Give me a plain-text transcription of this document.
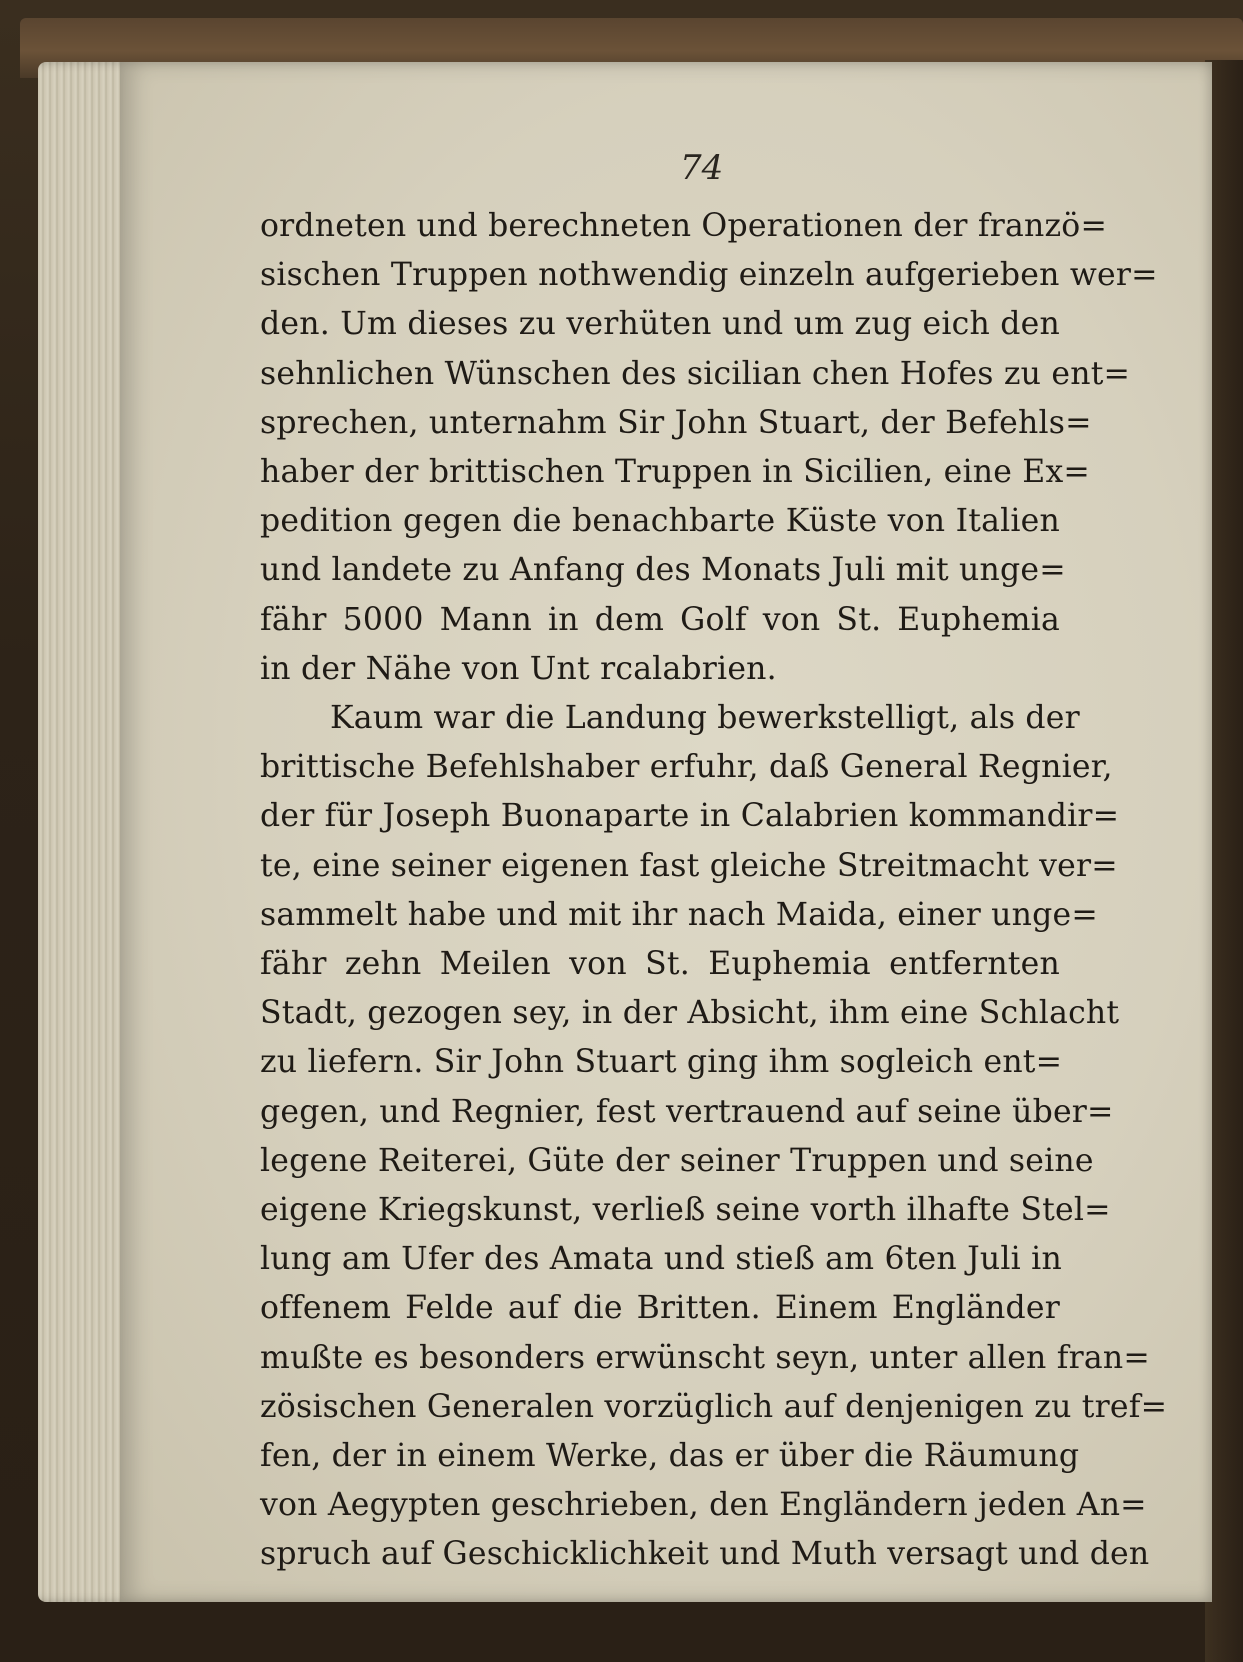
74
ordneten und berechneten Operationen der franzö=
sischen Truppen nothwendig einzeln aufgerieben wer=
den. Um dieses zu verhüten und um zug eich den
sehnlichen Wünschen des sicilian chen Hofes zu ent=
sprechen, unternahm Sir John Stuart, der Befehls=
haber der brittischen Truppen in Sicilien, eine Ex=
pedition gegen die benachbarte Küste von Italien
und landete zu Anfang des Monats Juli mit unge=
fähr 5000 Mann in dem Golf von St. Euphemia
in der Nähe von Unt rcalabrien.
Kaum war die Landung bewerkstelligt, als der
brittische Befehlshaber erfuhr, daß General Regnier,
der für Joseph Buonaparte in Calabrien kommandir=
te, eine seiner eigenen fast gleiche Streitmacht ver=
sammelt habe und mit ihr nach Maida, einer unge=
fähr zehn Meilen von St. Euphemia entfernten
Stadt, gezogen sey, in der Absicht, ihm eine Schlacht
zu liefern. Sir John Stuart ging ihm sogleich ent=
gegen, und Regnier, fest vertrauend auf seine über=
legene Reiterei, Güte der seiner Truppen und seine
eigene Kriegskunst, verließ seine vorth ilhafte Stel=
lung am Ufer des Amata und stieß am 6ten Juli in
offenem Felde auf die Britten. Einem Engländer
mußte es besonders erwünscht seyn, unter allen fran=
zösischen Generalen vorzüglich auf denjenigen zu tref=
fen, der in einem Werke, das er über die Räumung
von Aegypten geschrieben, den Engländern jeden An=
spruch auf Geschicklichkeit und Muth versagt und den
